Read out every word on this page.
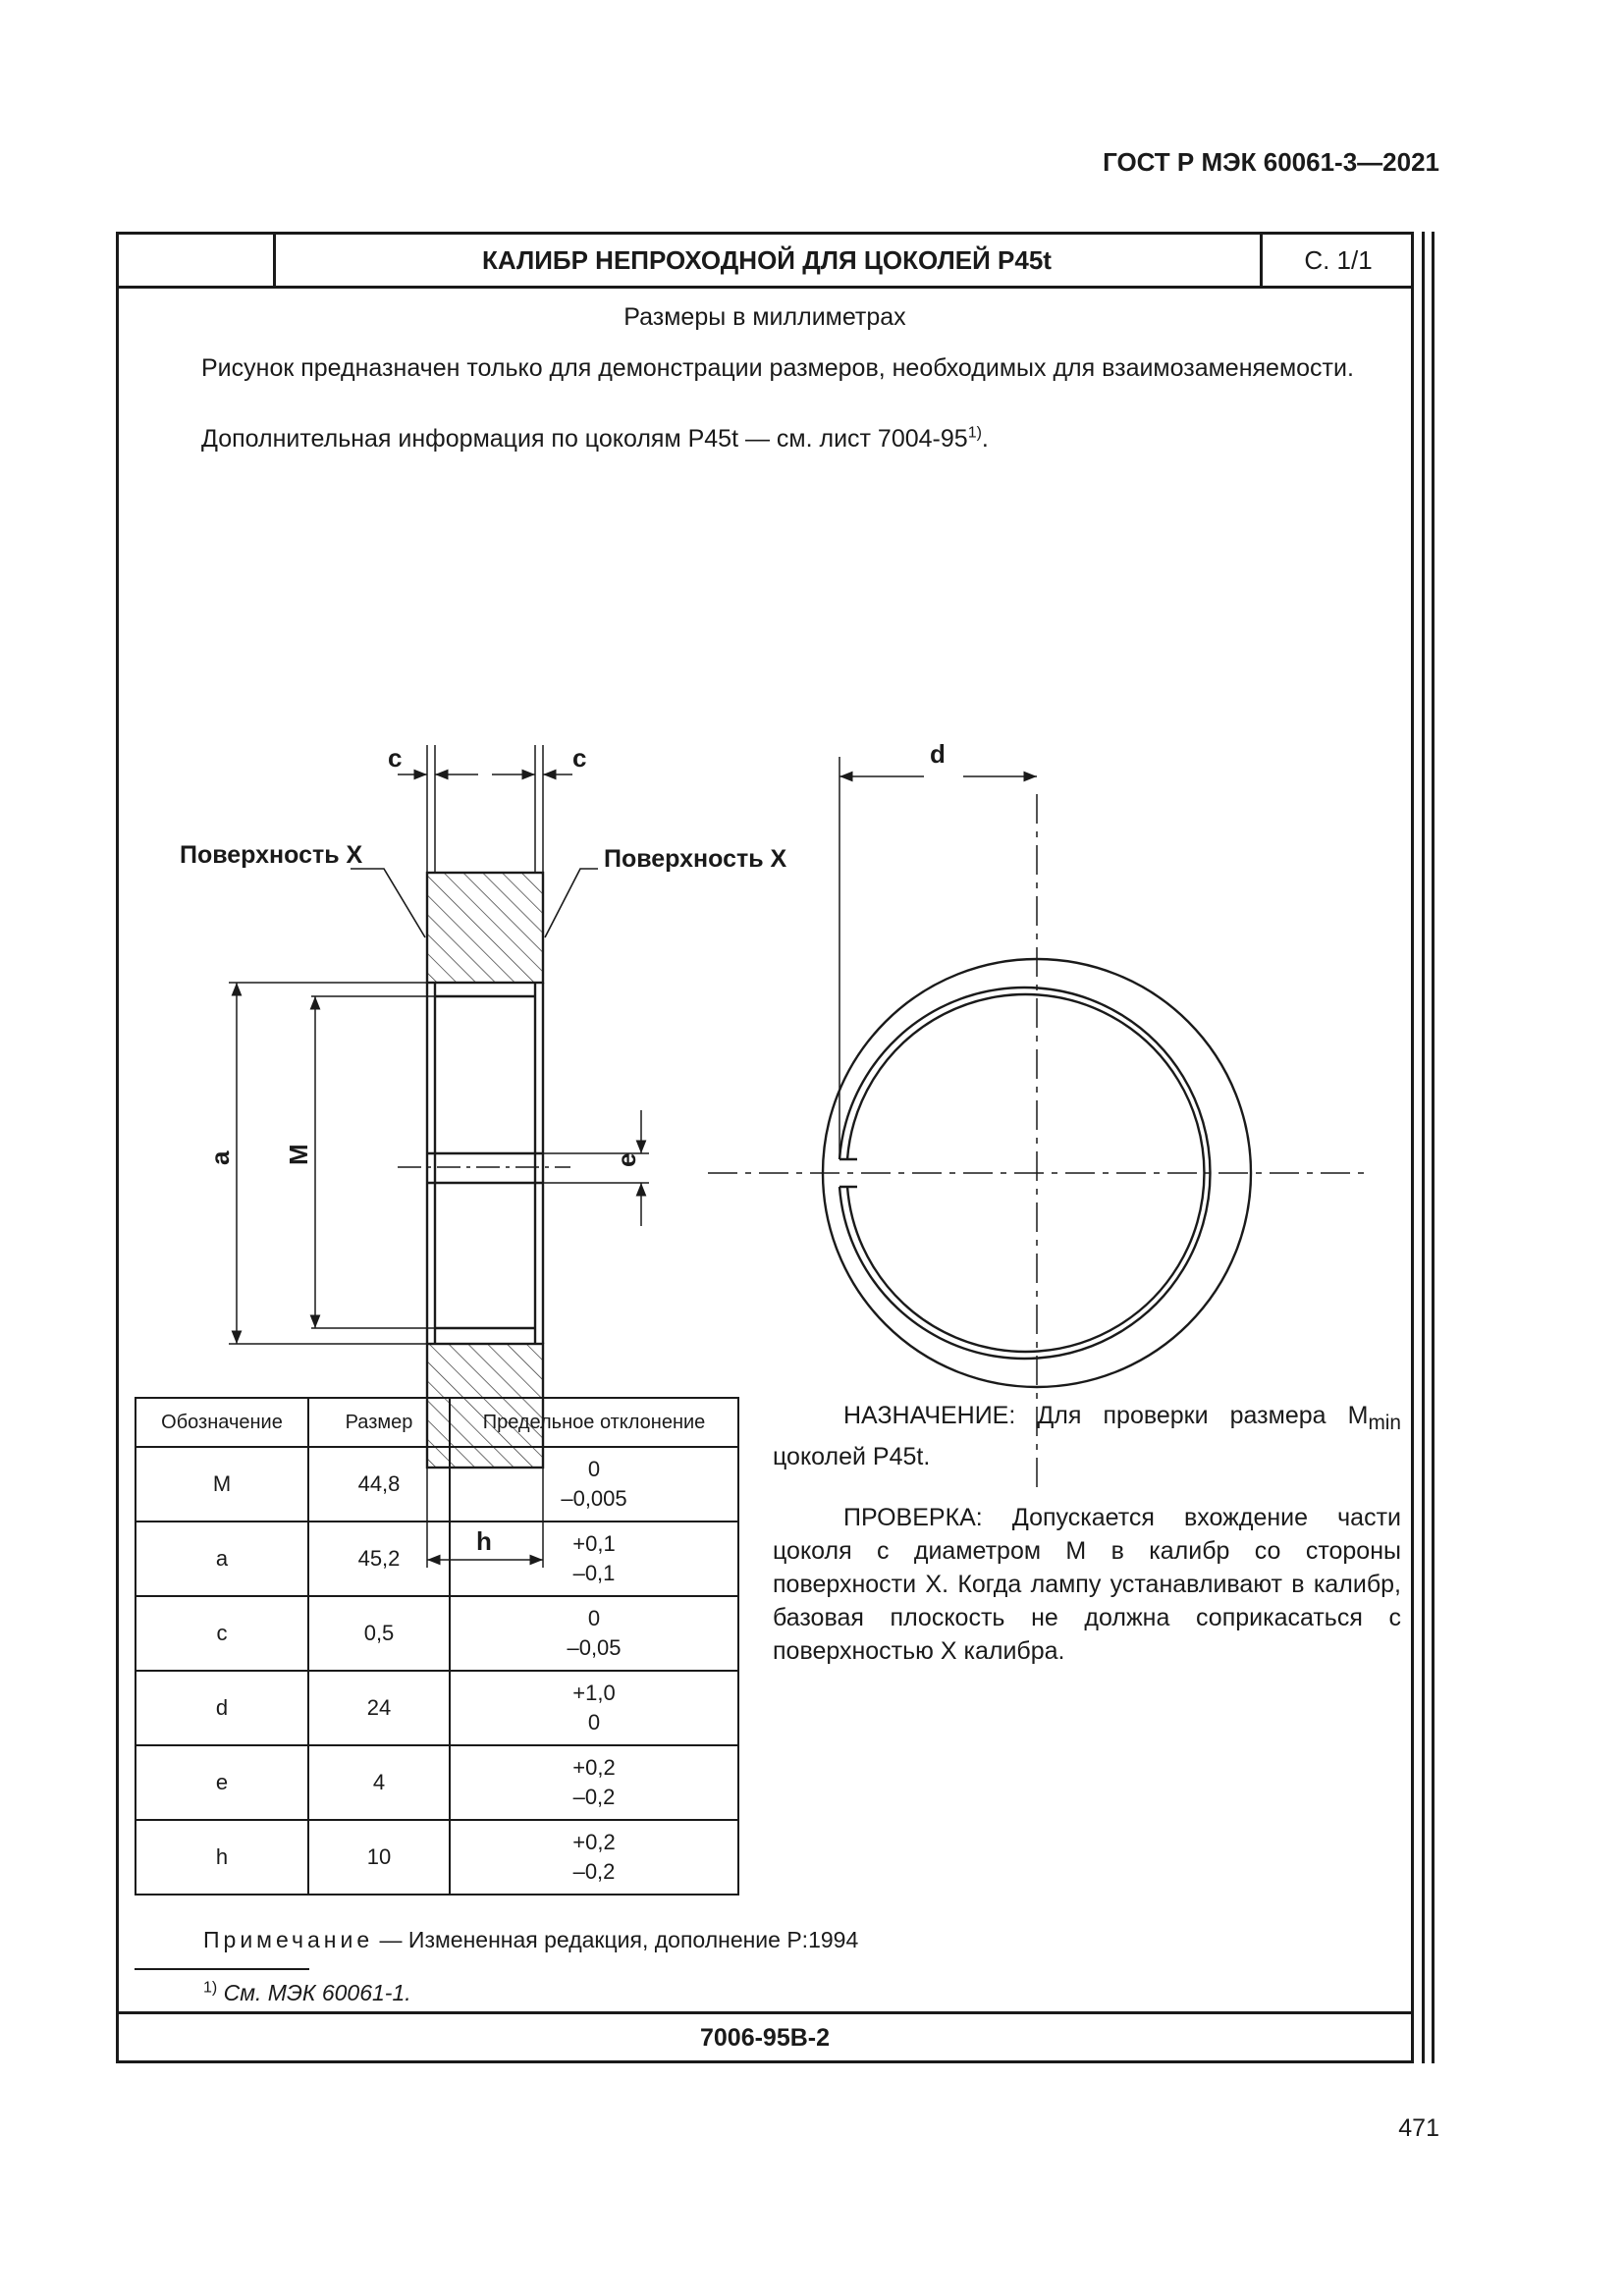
ГОСТ Р МЭК 60061-3—2021
КАЛИБР НЕПРОХОДНОЙ ДЛЯ ЦОКОЛЕЙ P45t	С. 1/1
Размеры в миллиметрах
Рисунок предназначен только для демонстрации размеров, необходимых для взаимозаменяемости.
Дополнительная информация по цоколям P45t — см. лист 7004-95$^{1)}$.
c	c
Поверхность X	Поверхность X
a M	e
h
d
Обозначение	Размер	Предельное отклонение
M	44,8	0
–0,005

a	45,2	+0,1
–0,1

c	0,5	0
–0,05

d	24	+1,0
0

e	4	+0,2
–0,2

h	10	+0,2
–0,2

НАЗНАЧЕНИЕ: Для проверки размера $M_{min}$ цоколей P45t.

ПРОВЕРКА: Допускается вхождение части цоколя с диаметром M в калибр со стороны поверхности X. Когда лампу устанавливают в калибр, базовая плоскость не должна соприкасаться с поверхностью X калибра.

Примечание — Измененная редакция, дополнение P:1994
$^{1)}$ См. МЭК 60061-1.
7006-95B-2
471
